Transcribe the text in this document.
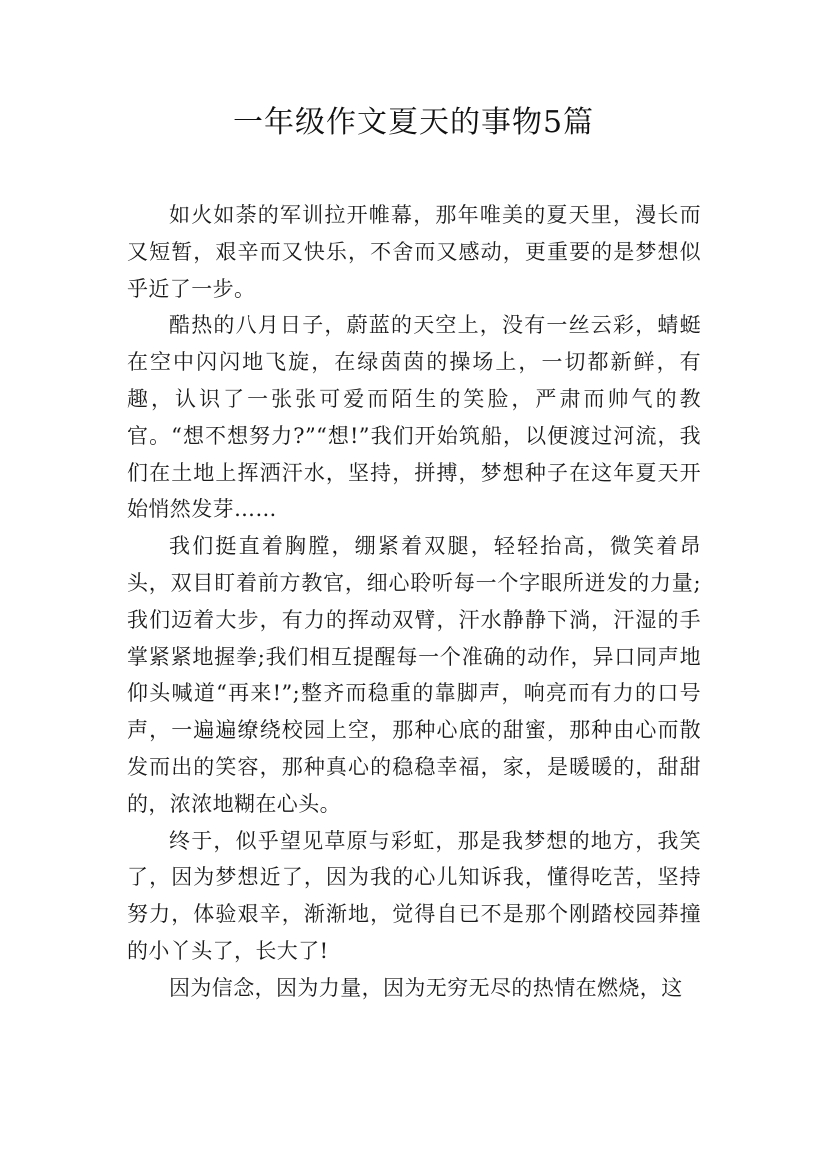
一年级作文夏天的事物5篇

如火如荼的军训拉开帷幕，那年唯美的夏天里，漫长而又短暂，艰辛而又快乐，不舍而又感动，更重要的是梦想似乎近了一步。

酷热的八月日子，蔚蓝的天空上，没有一丝云彩，蜻蜓在空中闪闪地飞旋，在绿茵茵的操场上，一切都新鲜，有趣，认识了一张张可爱而陌生的笑脸，严肃而帅气的教官。“想不想努力?”“想!”我们开始筑船，以便渡过河流，我们在土地上挥洒汗水，坚持，拼搏，梦想种子在这年夏天开始悄然发芽……

我们挺直着胸膛，绷紧着双腿，轻轻抬高，微笑着昂头，双目盯着前方教官，细心聆听每一个字眼所迸发的力量;我们迈着大步，有力的挥动双臂，汗水静静下淌，汗湿的手掌紧紧地握拳;我们相互提醒每一个准确的动作，异口同声地仰头喊道“再来!”;整齐而稳重的靠脚声，响亮而有力的口号声，一遍遍缭绕校园上空，那种心底的甜蜜，那种由心而散发而出的笑容，那种真心的稳稳幸福，家，是暖暖的，甜甜的，浓浓地糊在心头。

终于，似乎望见草原与彩虹，那是我梦想的地方，我笑了，因为梦想近了，因为我的心儿知诉我，懂得吃苦，坚持努力，体验艰辛，渐渐地，觉得自已不是那个刚踏校园莽撞的小丫头了，长大了!

因为信念，因为力量，因为无穷无尽的热情在燃烧，这
